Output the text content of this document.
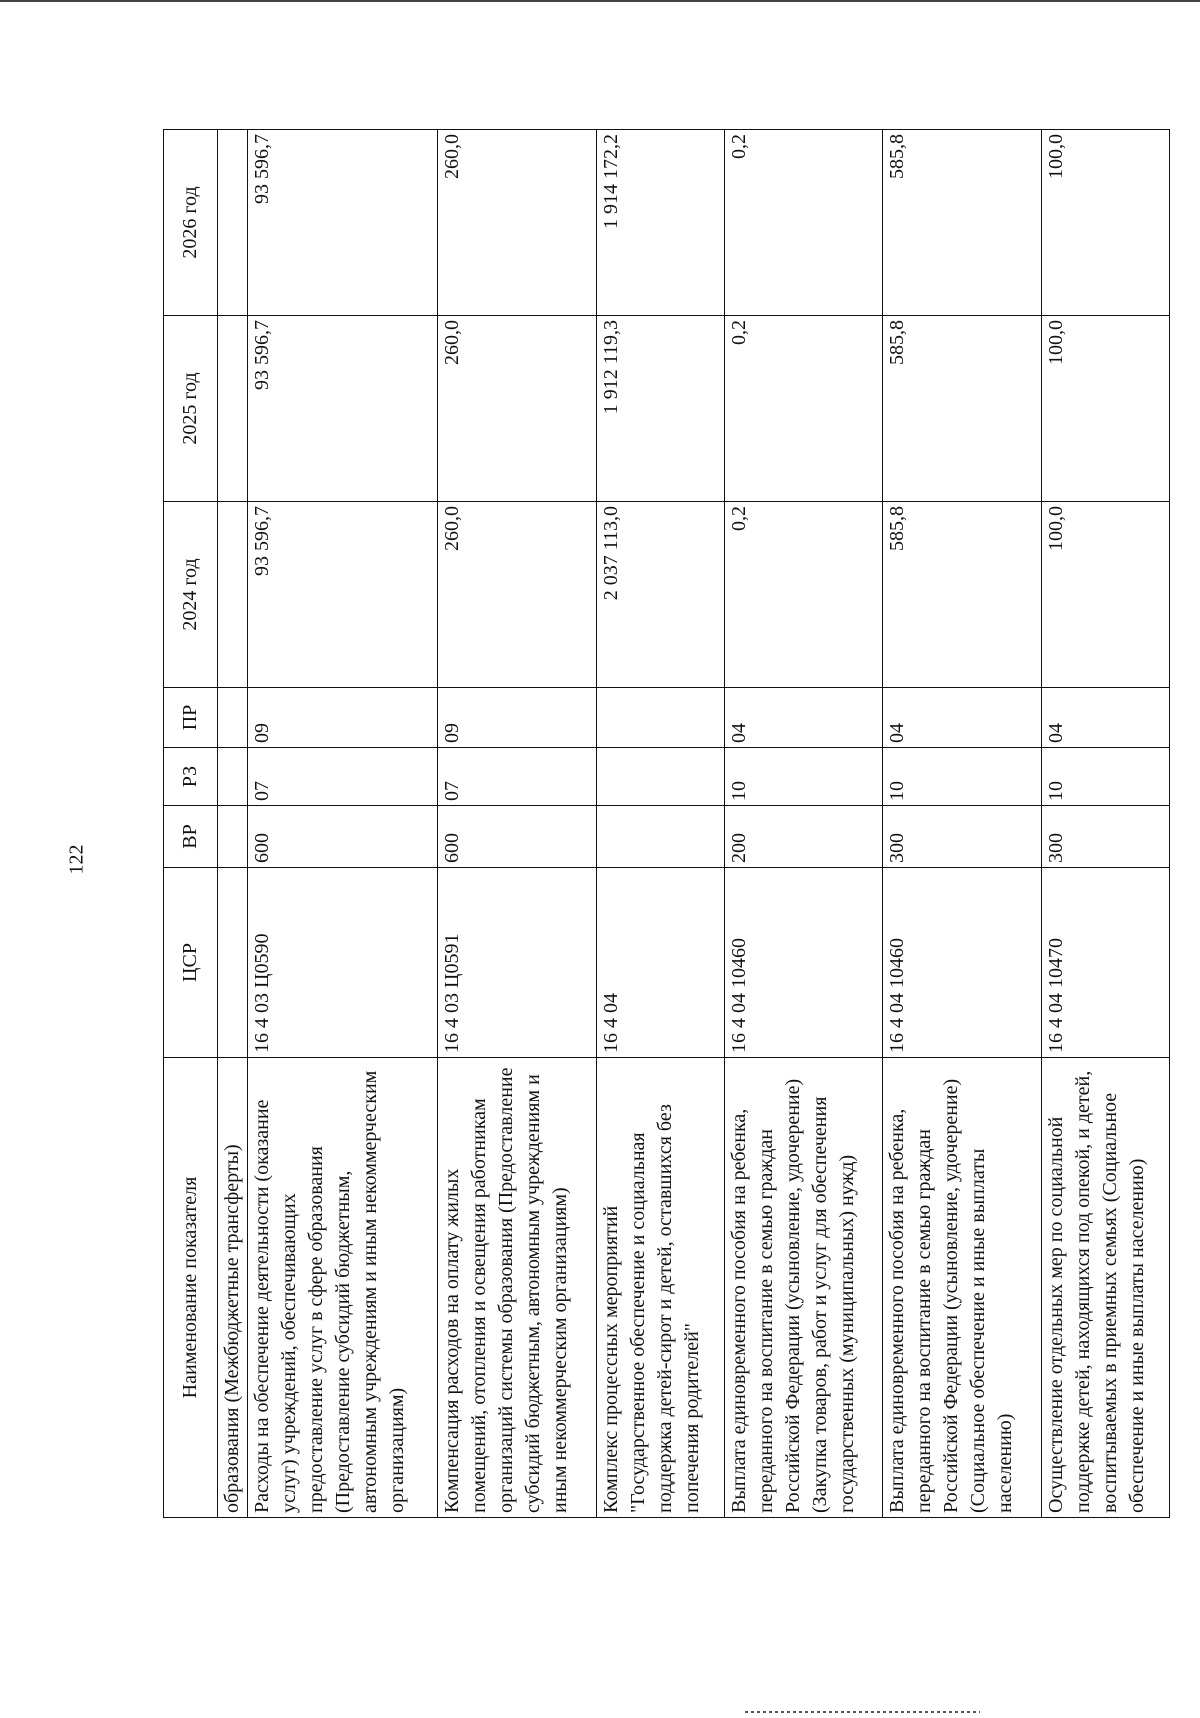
122
Наименование показателя	ЦСР	ВР	РЗ	ПР	2024 год	2025 год	2026 год
образования (Межбюджетные трансферты)							
Расходы на обеспечение деятельности (оказание услуг) учреждений, обеспечивающих предоставление услуг в сфере образования (Предоставление субсидий бюджетным, автономным учреждениям и иным некоммерческим организациям)	16 4 03 Ц0590	600	07	09	93 596,7	93 596,7	93 596,7
Компенсация расходов на оплату жилых помещений, отопления и освещения работникам организаций системы образования (Предоставление субсидий бюджетным, автономным учреждениям и иным некоммерческим организациям)	16 4 03 Ц0591	600	07	09	260,0	260,0	260,0
Комплекс процессных мероприятий "Государственное обеспечение и социальная поддержка детей-сирот и детей, оставшихся без попечения родителей"	16 4 04				2 037 113,0	1 912 119,3	1 914 172,2
Выплата единовременного пособия на ребенка, переданного на воспитание в семью граждан Российской Федерации (усыновление, удочерение) (Закупка товаров, работ и услуг для обеспечения государственных (муниципальных) нужд)	16 4 04 10460	200	10	04	0,2	0,2	0,2
Выплата единовременного пособия на ребенка, переданного на воспитание в семью граждан Российской Федерации (усыновление, удочерение) (Социальное обеспечение и иные выплаты населению)	16 4 04 10460	300	10	04	585,8	585,8	585,8
Осуществление отдельных мер по социальной поддержке детей, находящихся под опекой, и детей, воспитываемых в приемных семьях (Социальное обеспечение и иные выплаты населению)	16 4 04 10470	300	10	04	100,0	100,0	100,0
